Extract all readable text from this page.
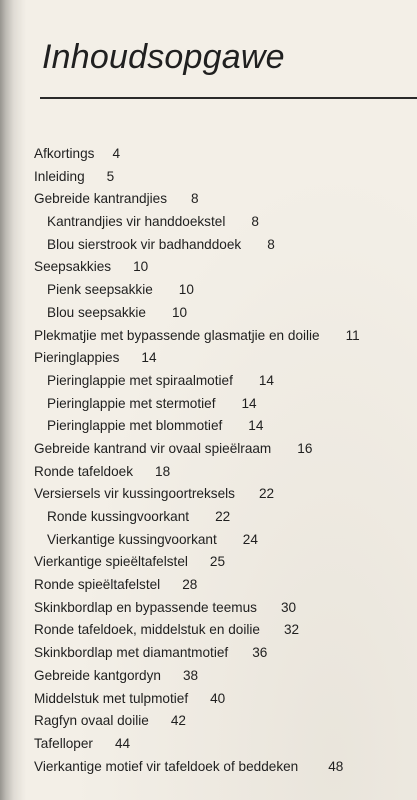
Inhoudsopgawe
Afkortings 4
Inleiding 5
Gebreide kantrandjies 8
Kantrandjies vir handdoekstel 8
Blou sierstrook vir badhanddoek 8
Seepsakkies 10
Pienk seepsakkie 10
Blou seepsakkie 10
Plekmatjie met bypassende glasmatjie en doilie 11
Pieringlappies 14
Pieringlappie met spiraalmotief 14
Pieringlappie met stermotief 14
Pieringlappie met blommotief 14
Gebreide kantrand vir ovaal spieëlraam 16
Ronde tafeldoek 18
Versiersels vir kussingoortreksels 22
Ronde kussingvoorkant 22
Vierkantige kussingvoorkant 24
Vierkantige spieëltafelstel 25
Ronde spieëltafelstel 28
Skinkbordlap en bypassende teemus 30
Ronde tafeldoek, middelstuk en doilie 32
Skinkbordlap met diamantmotief 36
Gebreide kantgordyn 38
Middelstuk met tulpmotief 40
Ragfyn ovaal doilie 42
Tafelloper 44
Vierkantige motief vir tafeldoek of beddeken 48
